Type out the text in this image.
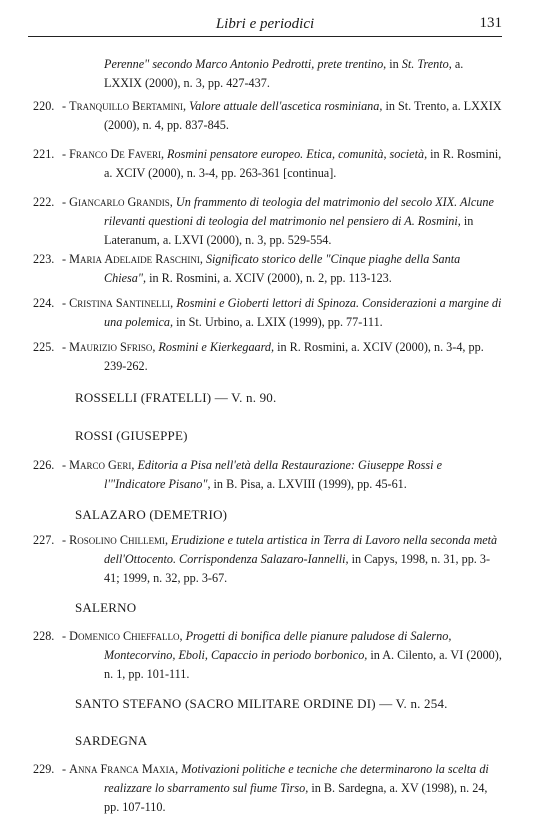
Libri e periodici	131
Perenne" secondo Marco Antonio Pedrotti, prete trentino, in St. Trento, a. LXXIX (2000), n. 3, pp. 427-437.
220. - Tranquillo Bertamini, Valore attuale dell'ascetica rosminiana, in St. Trento, a. LXXIX (2000), n. 4, pp. 837-845.
221. - Franco De Faveri, Rosmini pensatore europeo. Etica, comunità, società, in R. Rosmini, a. XCIV (2000), n. 3-4, pp. 263-361 [continua].
222. - Giancarlo Grandis, Un frammento di teologia del matrimonio del secolo XIX. Alcune rilevanti questioni di teologia del matrimonio nel pensiero di A. Rosmini, in Lateranum, a. LXVI (2000), n. 3, pp. 529-554.
223. - Maria Adelaide Raschini, Significato storico delle "Cinque piaghe della Santa Chiesa", in R. Rosmini, a. XCIV (2000), n. 2, pp. 113-123.
224. - Cristina Santinelli, Rosmini e Gioberti lettori di Spinoza. Considerazioni a margine di una polemica, in St. Urbino, a. LXIX (1999), pp. 77-111.
225. - Maurizio Sfriso, Rosmini e Kierkegaard, in R. Rosmini, a. XCIV (2000), n. 3-4, pp. 239-262.
ROSSELLI (FRATELLI) — V. n. 90.
ROSSI (GIUSEPPE)
226. - Marco Geri, Editoria a Pisa nell'età della Restaurazione: Giuseppe Rossi e l'"Indicatore Pisano", in B. Pisa, a. LXVIII (1999), pp. 45-61.
SALAZARO (DEMETRIO)
227. - Rosolino Chillemi, Erudizione e tutela artistica in Terra di Lavoro nella seconda metà dell'Ottocento. Corrispondenza Salazaro-Iannelli, in Capys, 1998, n. 31, pp. 3-41; 1999, n. 32, pp. 3-67.
SALERNO
228. - Domenico Chieffallo, Progetti di bonifica delle pianure paludose di Salerno, Montecorvino, Eboli, Capaccio in periodo borbonico, in A. Cilento, a. VI (2000), n. 1, pp. 101-111.
SANTO STEFANO (SACRO MILITARE ORDINE DI) — V. n. 254.
SARDEGNA
229. - Anna Franca Maxia, Motivazioni politiche e tecniche che determinarono la scelta di realizzare lo sbarramento sul fiume Tirso, in B. Sardegna, a. XV (1998), n. 24, pp. 107-110.
